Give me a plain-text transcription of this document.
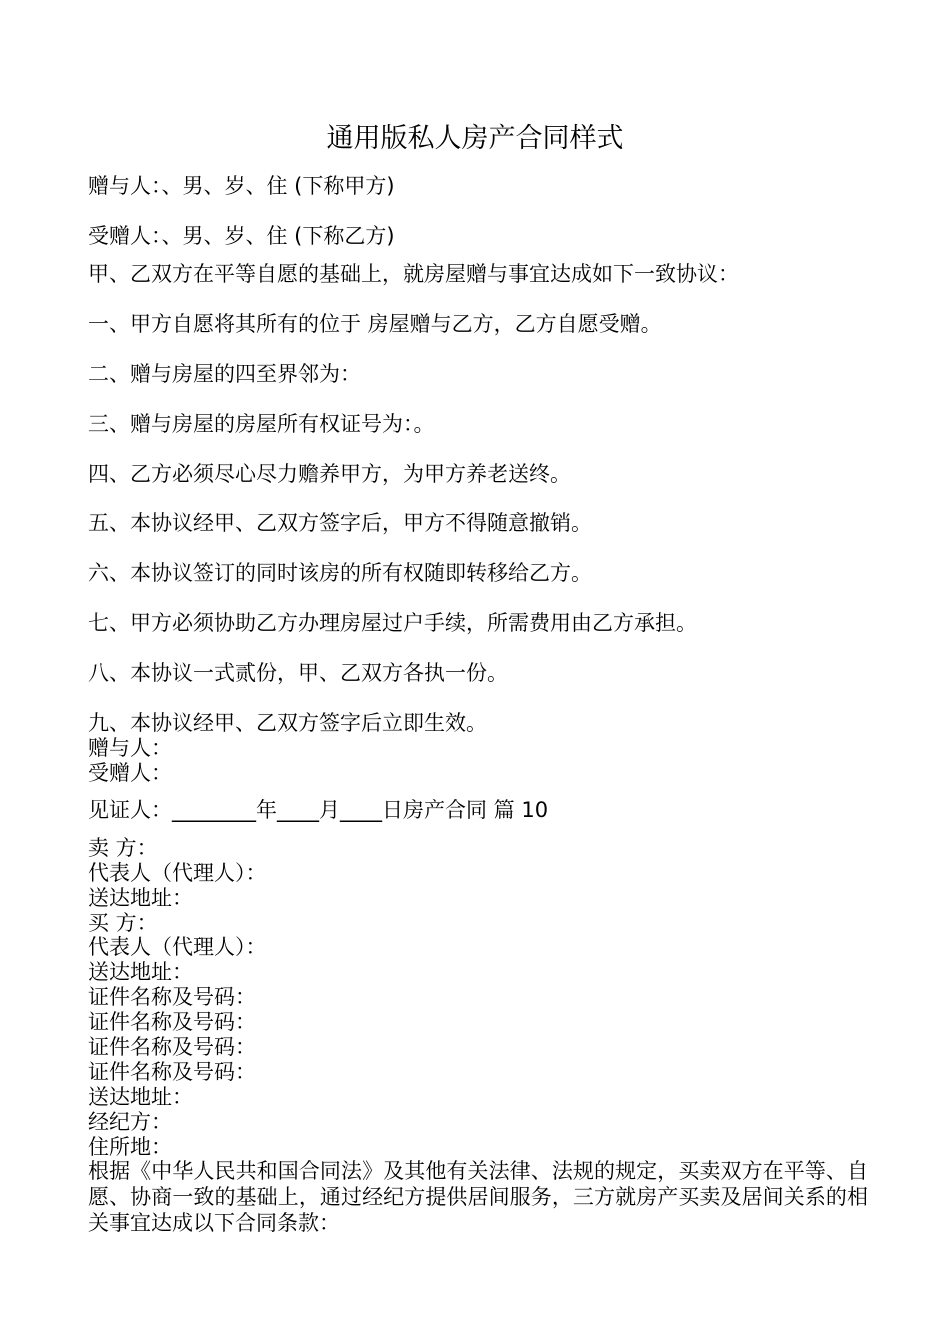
通用版私人房产合同样式
赠与人：、男、岁、住 (下称甲方)
受赠人：、男、岁、住 (下称乙方)
甲、乙双方在平等自愿的基础上，就房屋赠与事宜达成如下一致协议：
一、甲方自愿将其所有的位于 房屋赠与乙方，乙方自愿受赠。
二、赠与房屋的四至界邻为：
三、赠与房屋的房屋所有权证号为：。
四、乙方必须尽心尽力赡养甲方，为甲方养老送终。
五、本协议经甲、乙双方签字后，甲方不得随意撤销。
六、本协议签订的同时该房的所有权随即转移给乙方。
七、甲方必须协助乙方办理房屋过户手续，所需费用由乙方承担。
八、本协议一式贰份，甲、乙双方各执一份。
九、本协议经甲、乙双方签字后立即生效。
赠与人：
受赠人：
见证人：________年____月____日房产合同 篇 10
卖 方：
代表人（代理人）：
送达地址：
买 方：
代表人（代理人）：
送达地址：
证件名称及号码：
证件名称及号码：
证件名称及号码：
证件名称及号码：
送达地址：
经纪方：
住所地：
根据《中华人民共和国合同法》及其他有关法律、法规的规定，买卖双方在平等、自愿、协商一致的基础上，通过经纪方提供居间服务，三方就房产买卖及居间关系的相关事宜达成以下合同条款：
